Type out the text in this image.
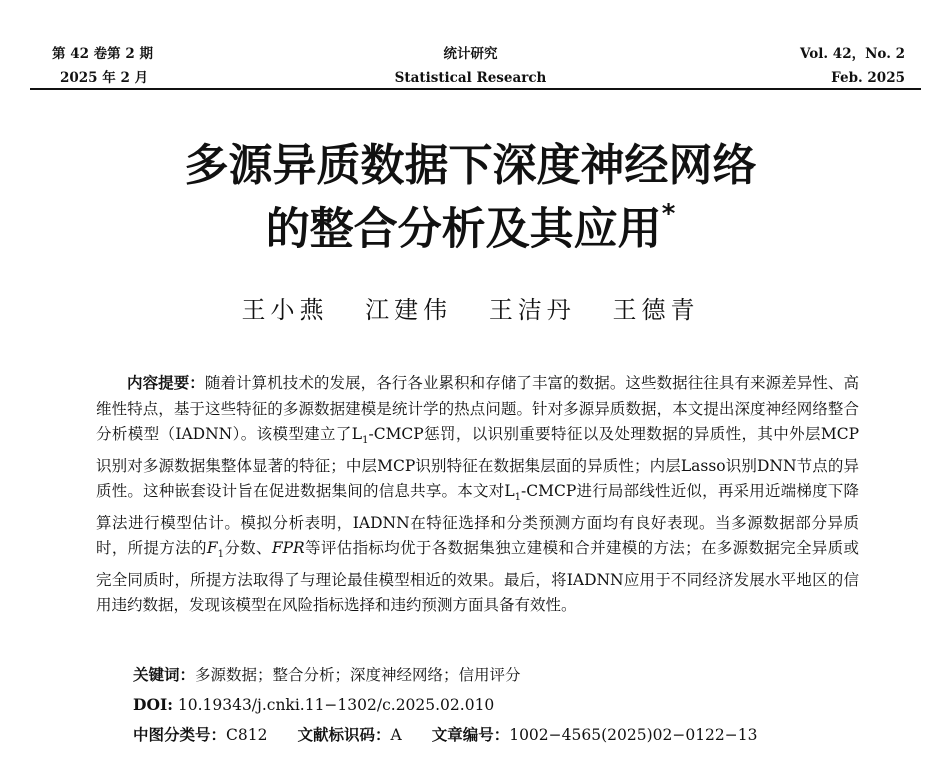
第 42 卷第 2 期
2025 年 2 月
统计研究
Statistical Research
Vol. 42，No. 2
Feb. 2025
多源异质数据下深度神经网络
的整合分析及其应用*
王小燕 江建伟 王洁丹 王德青
内容提要：随着计算机技术的发展，各行各业累积和存储了丰富的数据。这些数据往往具有来源差异性、高维性特点，基于这些特征的多源数据建模是统计学的热点问题。针对多源异质数据，本文提出深度神经网络整合分析模型（IADNN）。该模型建立了$L_1$-CMCP惩罚，以识别重要特征以及处理数据的异质性，其中外层MCP识别对多源数据集整体显著的特征；中层MCP识别特征在数据集层面的异质性；内层Lasso识别DNN节点的异质性。这种嵌套设计旨在促进数据集间的信息共享。本文对$L_1$-CMCP进行局部线性近似，再采用近端梯度下降算法进行模型估计。模拟分析表明，IADNN在特征选择和分类预测方面均有良好表现。当多源数据部分异质时，所提方法的$F_1$分数、FPR等评估指标均优于各数据集独立建模和合并建模的方法；在多源数据完全异质或完全同质时，所提方法取得了与理论最佳模型相近的效果。最后，将IADNN应用于不同经济发展水平地区的信用违约数据，发现该模型在风险指标选择和违约预测方面具备有效性。
关键词：多源数据；整合分析；深度神经网络；信用评分
DOI: 10.19343/j.cnki.11−1302/c.2025.02.010
中图分类号：C812 文献标识码：A 文章编号：1002−4565(2025)02−0122−13
